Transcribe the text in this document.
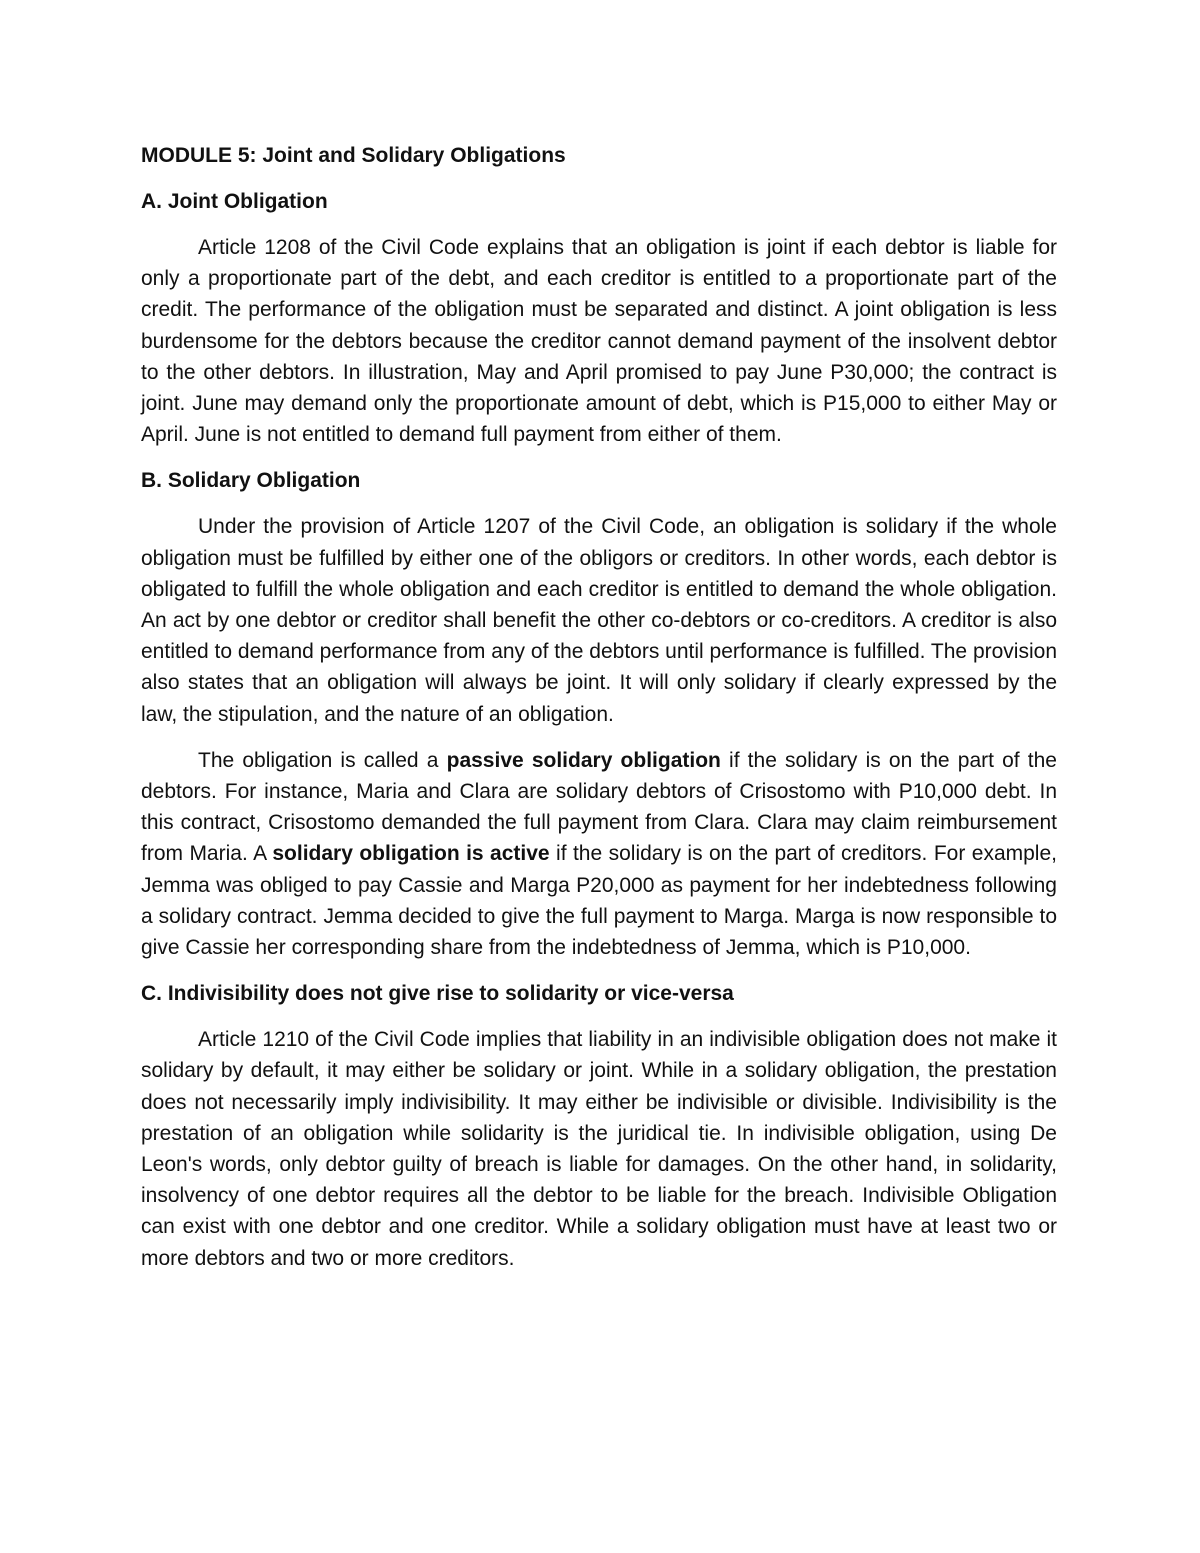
MODULE 5: Joint and Solidary Obligations
A. Joint Obligation

Article 1208 of the Civil Code explains that an obligation is joint if each debtor is liable for only a proportionate part of the debt, and each creditor is entitled to a proportionate part of the credit. The performance of the obligation must be separated and distinct. A joint obligation is less burdensome for the debtors because the creditor cannot demand payment of the insolvent debtor to the other debtors. In illustration, May and April promised to pay June P30,000; the contract is joint. June may demand only the proportionate amount of debt, which is P15,000 to either May or April. June is not entitled to demand full payment from either of them.

B. Solidary Obligation

Under the provision of Article 1207 of the Civil Code, an obligation is solidary if the whole obligation must be fulfilled by either one of the obligors or creditors. In other words, each debtor is obligated to fulfill the whole obligation and each creditor is entitled to demand the whole obligation. An act by one debtor or creditor shall benefit the other co-debtors or co-creditors. A creditor is also entitled to demand performance from any of the debtors until performance is fulfilled. The provision also states that an obligation will always be joint. It will only solidary if clearly expressed by the law, the stipulation, and the nature of an obligation.

The obligation is called a passive solidary obligation if the solidary is on the part of the debtors. For instance, Maria and Clara are solidary debtors of Crisostomo with P10,000 debt. In this contract, Crisostomo demanded the full payment from Clara. Clara may claim reimbursement from Maria. A solidary obligation is active if the solidary is on the part of creditors. For example, Jemma was obliged to pay Cassie and Marga P20,000 as payment for her indebtedness following a solidary contract. Jemma decided to give the full payment to Marga. Marga is now responsible to give Cassie her corresponding share from the indebtedness of Jemma, which is P10,000.

C. Indivisibility does not give rise to solidarity or vice-versa

Article 1210 of the Civil Code implies that liability in an indivisible obligation does not make it solidary by default, it may either be solidary or joint. While in a solidary obligation, the prestation does not necessarily imply indivisibility. It may either be indivisible or divisible. Indivisibility is the prestation of an obligation while solidarity is the juridical tie. In indivisible obligation, using De Leon's words, only debtor guilty of breach is liable for damages. On the other hand, in solidarity, insolvency of one debtor requires all the debtor to be liable for the breach. Indivisible Obligation can exist with one debtor and one creditor. While a solidary obligation must have at least two or more debtors and two or more creditors.
